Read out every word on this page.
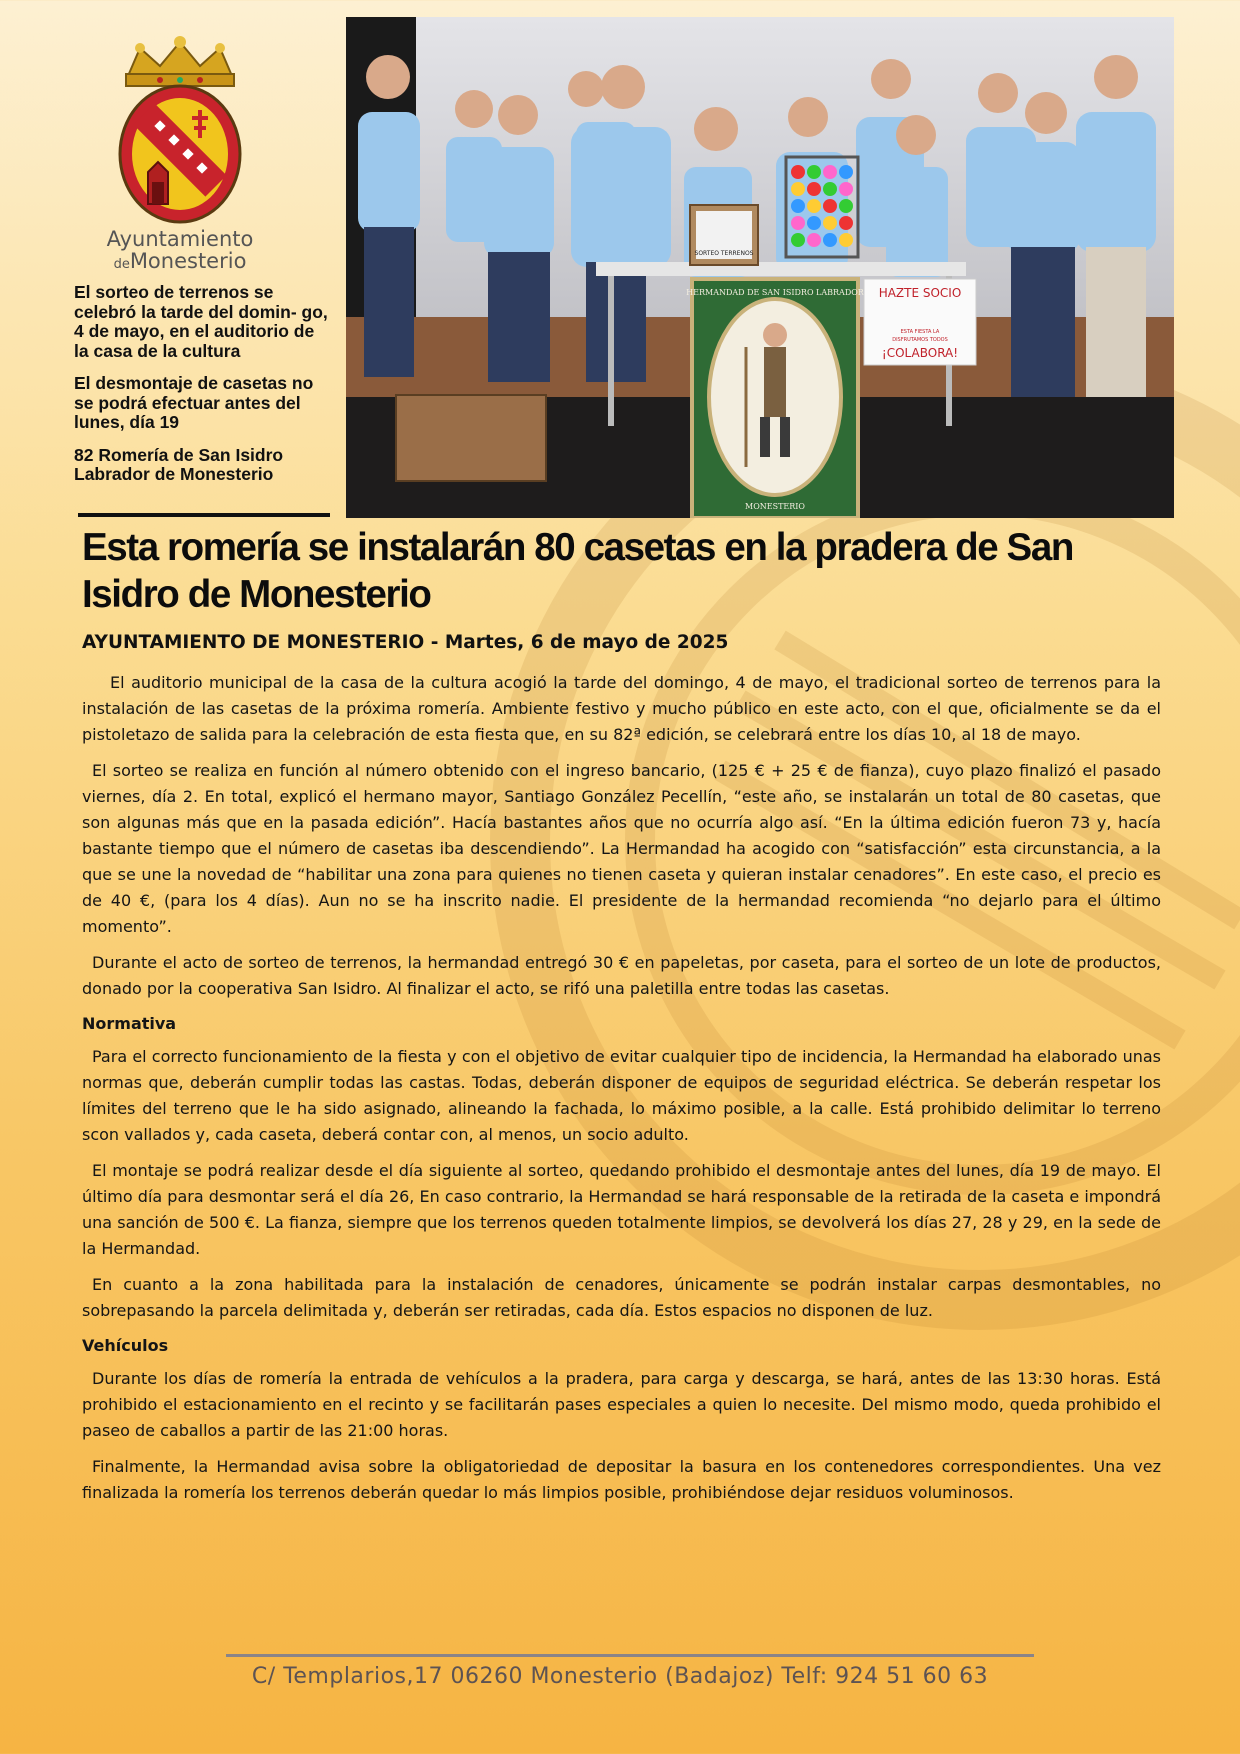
Ayuntamiento
deMonesterio

El sorteo de terrenos se celebró la tarde del domin- go, 4 de mayo, en el auditorio de la casa de la cultura

El desmontaje de casetas no se podrá efectuar antes del lunes, día 19

82 Romería de San Isidro Labrador de Monesterio

SORTEO TERRENOS
HERMANDAD DE SAN ISIDRO LABRADOR
MONESTERIO
HAZTE SOCIO
ESTA FIESTA LA
DISFRUTAMOS TODOS
¡COLABORA!
Esta romería se instalarán 80 casetas en la pradera de San Isidro de Monesterio

AYUNTAMIENTO DE MONESTERIO - Martes, 6 de mayo de 2025

El auditorio municipal de la casa de la cultura acogió la tarde del domingo, 4 de mayo, el tradicional sorteo de terrenos para la instalación de las casetas de la próxima romería. Ambiente festivo y mucho público en este acto, con el que, oficialmente se da el pistoletazo de salida para la celebración de esta fiesta que, en su 82ª edición, se celebrará entre los días 10, al 18 de mayo.

El sorteo se realiza en función al número obtenido con el ingreso bancario, (125 € + 25 € de fianza), cuyo plazo finalizó el pasado viernes, día 2. En total, explicó el hermano mayor, Santiago González Pecellín, “este año, se instalarán un total de 80 casetas, que son algunas más que en la pasada edición”. Hacía bastantes años que no ocurría algo así. “En la última edición fueron 73 y, hacía bastante tiempo que el número de casetas iba descendiendo”. La Hermandad ha acogido con “satisfacción” esta circunstancia, a la que se une la novedad de “habilitar una zona para quienes no tienen caseta y quieran instalar cenadores”. En este caso, el precio es de 40 €, (para los 4 días). Aun no se ha inscrito nadie. El presidente de la hermandad recomienda “no dejarlo para el último momento”.

Durante el acto de sorteo de terrenos, la hermandad entregó 30 € en papeletas, por caseta, para el sorteo de un lote de productos, donado por la cooperativa San Isidro. Al finalizar el acto, se rifó una paletilla entre todas las casetas.

Normativa

Para el correcto funcionamiento de la fiesta y con el objetivo de evitar cualquier tipo de incidencia, la Hermandad ha elaborado unas normas que, deberán cumplir todas las castas. Todas, deberán disponer de equipos de seguridad eléctrica. Se deberán respetar los límites del terreno que le ha sido asignado, alineando la fachada, lo máximo posible, a la calle. Está prohibido delimitar lo terreno scon vallados y, cada caseta, deberá contar con, al menos, un socio adulto.

El montaje se podrá realizar desde el día siguiente al sorteo, quedando prohibido el desmontaje antes del lunes, día 19 de mayo. El último día para desmontar será el día 26, En caso contrario, la Hermandad se hará responsable de la retirada de la caseta e impondrá una sanción de 500 €. La fianza, siempre que los terrenos queden totalmente limpios, se devolverá los días 27, 28 y 29, en la sede de la Hermandad.

En cuanto a la zona habilitada para la instalación de cenadores, únicamente se podrán instalar carpas desmontables, no sobrepasando la parcela delimitada y, deberán ser retiradas, cada día. Estos espacios no disponen de luz.

Vehículos

Durante los días de romería la entrada de vehículos a la pradera, para carga y descarga, se hará, antes de las 13:30 horas. Está prohibido el estacionamiento en el recinto y se facilitarán pases especiales a quien lo necesite. Del mismo modo, queda prohibido el paseo de caballos a partir de las 21:00 horas.

Finalmente, la Hermandad avisa sobre la obligatoriedad de depositar la basura en los contenedores correspondientes. Una vez finalizada la romería los terrenos deberán quedar lo más limpios posible, prohibiéndose dejar residuos voluminosos.

C/ Templarios,17 06260 Monesterio (Badajoz) Telf: 924 51 60 63
